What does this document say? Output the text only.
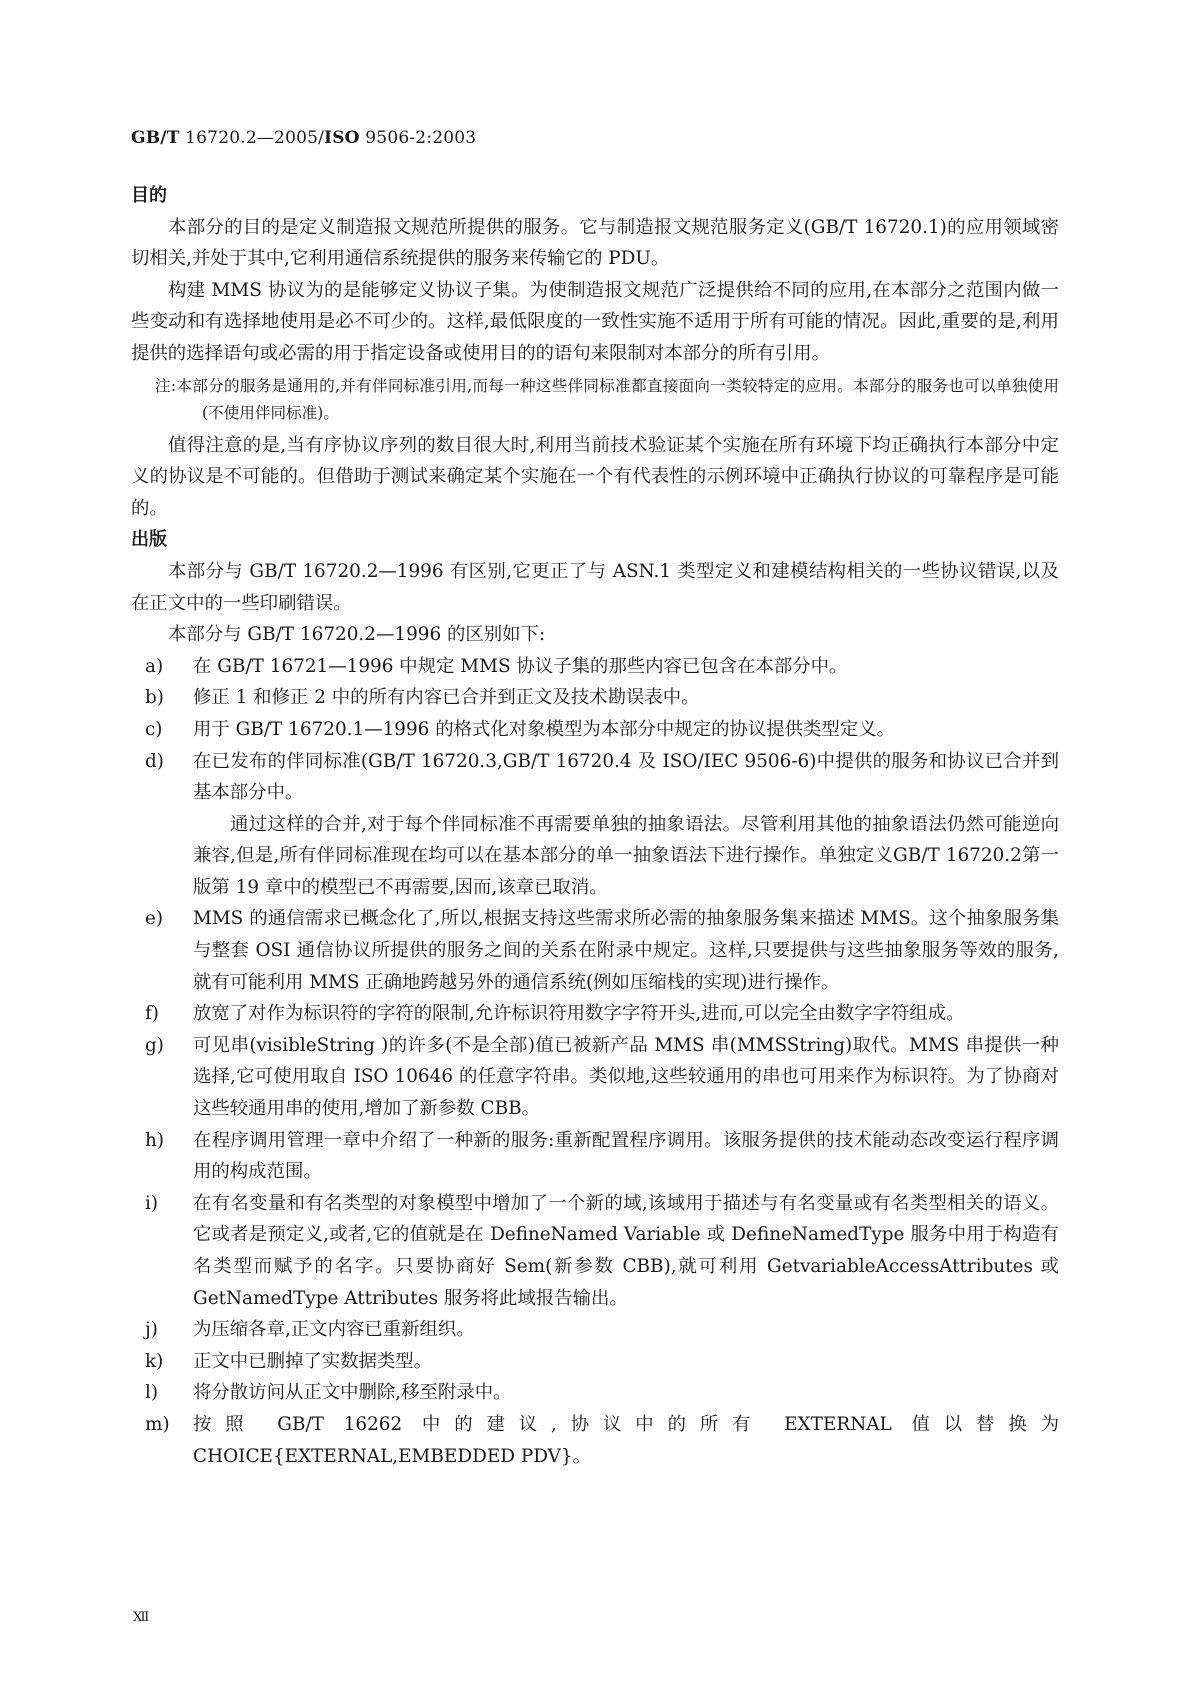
GB/T 16720.2—2005/ISO 9506-2:2003

目的

本部分的目的是定义制造报文规范所提供的服务。它与制造报文规范服务定义(GB/T 16720.1)的应用领域密切相关,并处于其中,它利用通信系统提供的服务来传输它的 PDU。

构建 MMS 协议为的是能够定义协议子集。为使制造报文规范广泛提供给不同的应用,在本部分之范围内做一些变动和有选择地使用是必不可少的。这样,最低限度的一致性实施不适用于所有可能的情况。因此,重要的是,利用提供的选择语句或必需的用于指定设备或使用目的的语句来限制对本部分的所有引用。

注:本部分的服务是通用的,并有伴同标准引用,而每一种这些伴同标准都直接面向一类较特定的应用。本部分的服务也可以单独使用(不使用伴同标准)。

值得注意的是,当有序协议序列的数目很大时,利用当前技术验证某个实施在所有环境下均正确执行本部分中定义的协议是不可能的。但借助于测试来确定某个实施在一个有代表性的示例环境中正确执行协议的可靠程序是可能的。

出版

本部分与 GB/T 16720.2—1996 有区别,它更正了与 ASN.1 类型定义和建模结构相关的一些协议错误,以及在正文中的一些印刷错误。

本部分与 GB/T 16720.2—1996 的区别如下:

a)	在 GB/T 16721—1996 中规定 MMS 协议子集的那些内容已包含在本部分中。
b)	修正 1 和修正 2 中的所有内容已合并到正文及技术勘误表中。
c)	用于 GB/T 16720.1—1996 的格式化对象模型为本部分中规定的协议提供类型定义。
d)	在已发布的伴同标准(GB/T 16720.3,GB/T 16720.4 及 ISO/IEC 9506-6)中提供的服务和协议已合并到基本部分中。

通过这样的合并,对于每个伴同标准不再需要单独的抽象语法。尽管利用其他的抽象语法仍然可能逆向兼容,但是,所有伴同标准现在均可以在基本部分的单一抽象语法下进行操作。单独定义GB/T 16720.2第一版第 19 章中的模型已不再需要,因而,该章已取消。

e)	MMS 的通信需求已概念化了,所以,根据支持这些需求所必需的抽象服务集来描述 MMS。这个抽象服务集与整套 OSI 通信协议所提供的服务之间的关系在附录中规定。这样,只要提供与这些抽象服务等效的服务,就有可能利用 MMS 正确地跨越另外的通信系统(例如压缩栈的实现)进行操作。
f)	放宽了对作为标识符的字符的限制,允许标识符用数字字符开头,进而,可以完全由数字字符组成。
g)	可见串(visibleString )的许多(不是全部)值已被新产品 MMS 串(MMSString)取代。MMS 串提供一种选择,它可使用取自 ISO 10646 的任意字符串。类似地,这些较通用的串也可用来作为标识符。为了协商对这些较通用串的使用,增加了新参数 CBB。
h)	在程序调用管理一章中介绍了一种新的服务:重新配置程序调用。该服务提供的技术能动态改变运行程序调用的构成范围。
i)	在有名变量和有名类型的对象模型中增加了一个新的域,该域用于描述与有名变量或有名类型相关的语义。它或者是预定义,或者,它的值就是在 DefineNamed Variable 或 DefineNamedType 服务中用于构造有名类型而赋予的名字。只要协商好 Sem(新参数 CBB),就可利用 GetvariableAccessAttributes 或 GetNamedType Attributes 服务将此域报告输出。
j)	为压缩各章,正文内容已重新组织。
k)	正文中已删掉了实数据类型。
l)	将分散访问从正文中删除,移至附录中。
m)	按照 GB/T 16262 中的建议,协议中的所有 EXTERNAL 值以替换为 CHOICE{EXTERNAL,EMBEDDED PDV}。
Ⅻ
